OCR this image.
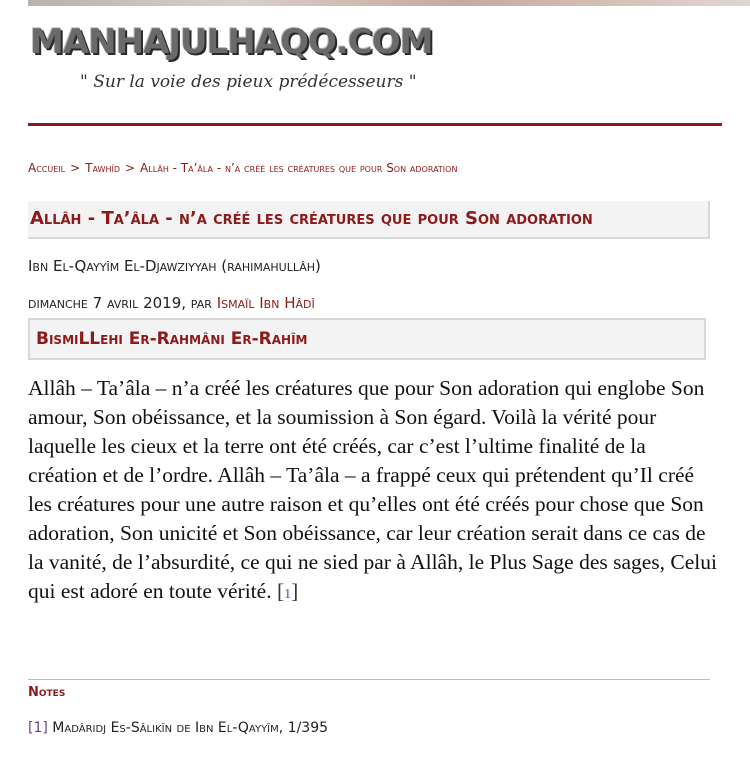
MANHAJULHAQQ.COM
" Sur la voie des pieux prédécesseurs "
Accueil > Tawhîd > Allâh - Ta’âla - n’a créé les créatures que pour Son adoration
Allâh - Ta’âla - n’a créé les créatures que pour Son adoration
Ibn El-Qayyîm El-Djawziyyah (rahimahullâh)
dimanche 7 avril 2019, par Ismaïl Ibn Hâdî
BismiLLehi Er-Rahmâni Er-Rahîm

Allâh – Ta’âla – n’a créé les créatures que pour Son adoration qui englobe Son amour, Son obéissance, et la soumission à Son égard. Voilà la vérité pour laquelle les cieux et la terre ont été créés, car c’est l’ultime finalité de la création et de l’ordre. Allâh – Ta’âla – a frappé ceux qui prétendent qu’Il créé les créatures pour une autre raison et qu’elles ont été créés pour chose que Son adoration, Son unicité et Son obéissance, car leur création serait dans ce cas de la vanité, de l’absurdité, ce qui ne sied par à Allâh, le Plus Sage des sages, Celui qui est adoré en toute vérité. [1]

Notes
[1] Madâridj Es-Sâlikîn de Ibn El-Qayyîm, 1/395
